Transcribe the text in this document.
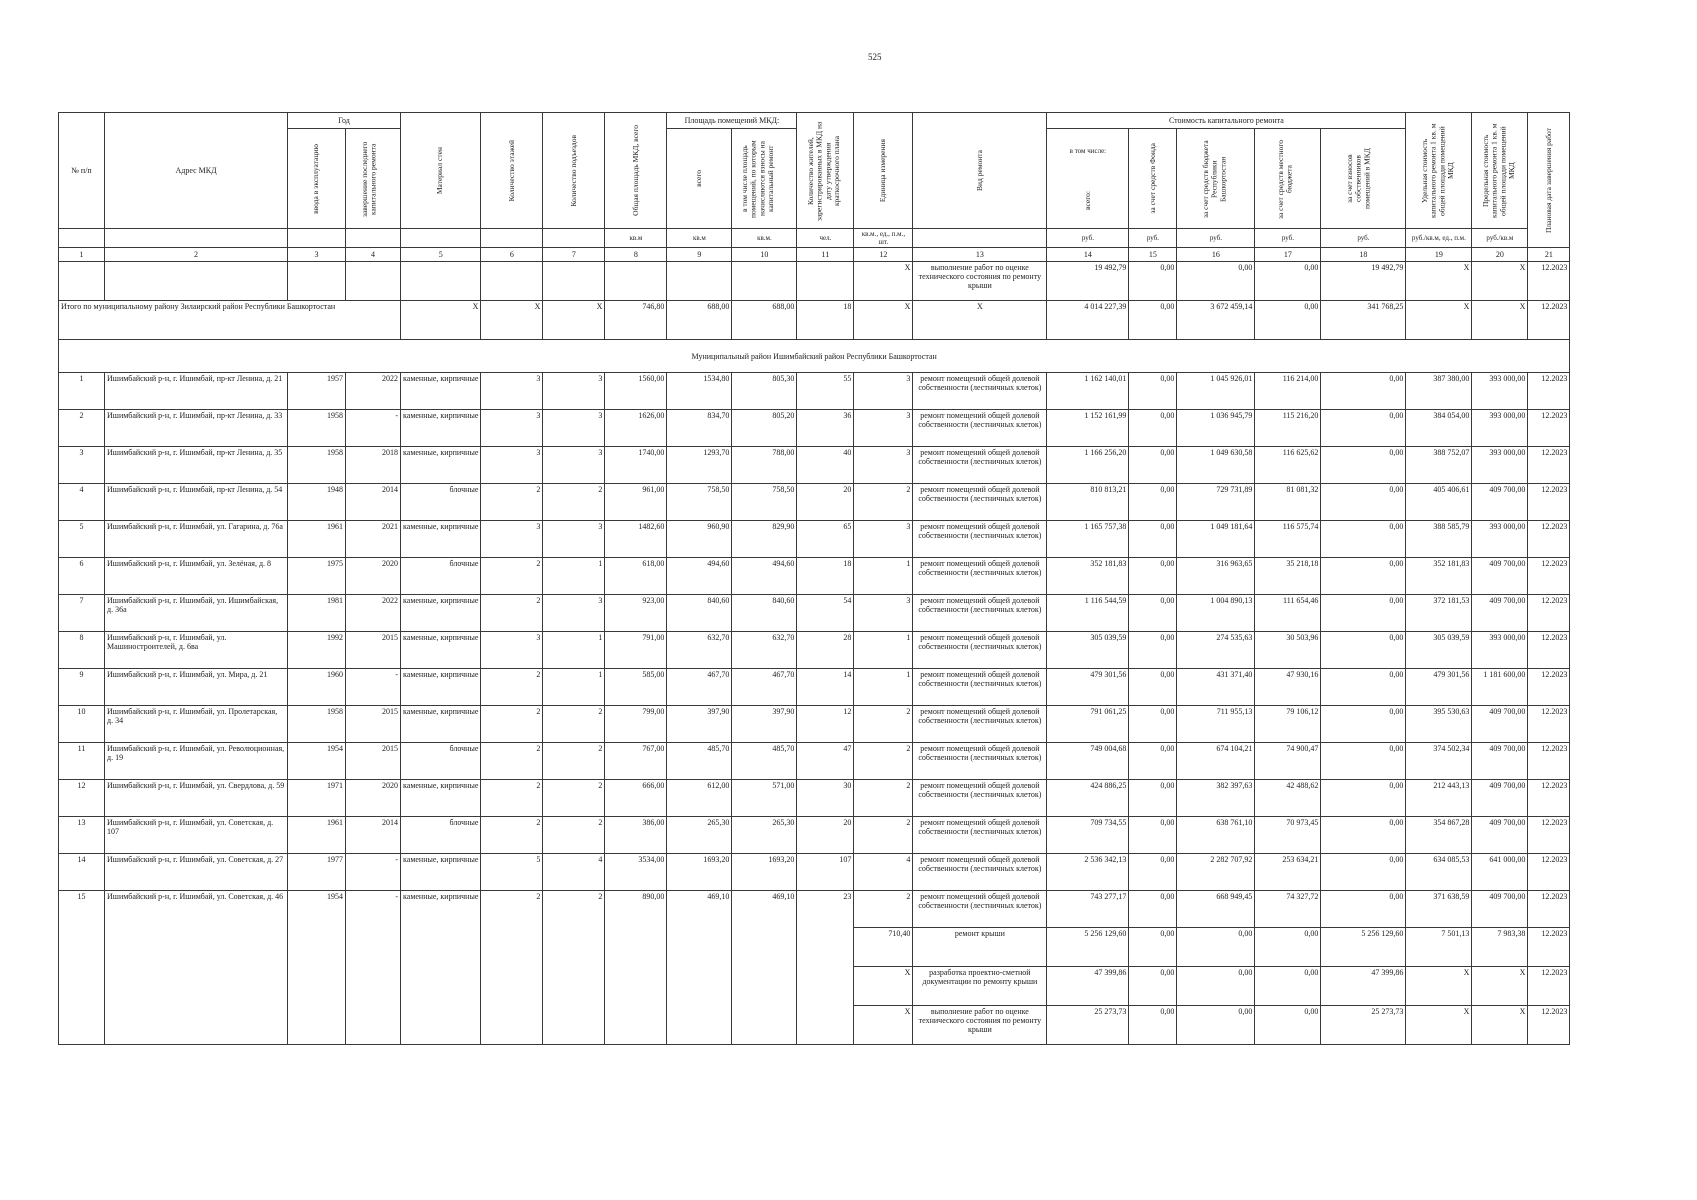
525
№ п/п	Адрес МКД	Год		Материал стен	Количество этажей	Количество подъездов	Общая площадь МКД, всего	Площадь помещений МКД:		Количество жителей, зарегистрированных в МКД на дату утверждения краткосрочного плана	Единица измерения	Вид ремонта	Стоимость капитального ремонта					Удельная стоимость капитального ремонта 1 кв. м общей площади помещений МКД	Предельная стоимость капитального ремонта 1 кв. м общей площади помещений МКД	Плановая дата завершения работ

		ввода в эксплуатацию	завершение последнего капитального ремонта					всего	в том числе площадь помещений, по которым начисляются взносы на капитальный ремонт				в том числе:
всего:	за счет средств Фонда	за счет средств бюджета Республики Башкортостан	за счет средств местного бюджета	за счет взносов собственников помещений в МКД			

							кв.м	кв.м	кв.м.	чел.	кв.м., ед., п.м., шт.		руб.	руб.	руб.	руб.	руб.	руб./кв.м, ед., п.м.	руб./кв.м	
1	2	3	4	5	6	7	8	9	10	11	12	13	14	15	16	17	18	19	20	21
											X	выполнение работ по оценке технического состояния по ремонту крыши	19 492,79	0,00	0,00	0,00	19 492,79	X	X	12.2023
Итого по муниципальному району Зилаирский район Республики Башкортостан				X	X	X	746,80	688,00	688,00	18	X	X	4 014 227,39	0,00	3 672 459,14	0,00	341 768,25	X	X	12.2023
Муниципальный район Ишимбайский район Республики Башкортостан																				
1	Ишимбайский р-н, г. Ишимбай, пр-кт Ленина, д. 21	1957	2022	каменные, кирпичные	3	3	1560,00	1534,80	805,30	55	3	ремонт помещений общей долевой собственности (лестничных клеток)	1 162 140,01	0,00	1 045 926,01	116 214,00	0,00	387 380,00	393 000,00	12.2023
2	Ишимбайский р-н, г. Ишимбай, пр-кт Ленина, д. 33	1958	-	каменные, кирпичные	3	3	1626,00	834,70	805,20	36	3	ремонт помещений общей долевой собственности (лестничных клеток)	1 152 161,99	0,00	1 036 945,79	115 216,20	0,00	384 054,00	393 000,00	12.2023
3	Ишимбайский р-н, г. Ишимбай, пр-кт Ленина, д. 35	1958	2018	каменные, кирпичные	3	3	1740,00	1293,70	788,00	40	3	ремонт помещений общей долевой собственности (лестничных клеток)	1 166 256,20	0,00	1 049 630,58	116 625,62	0,00	388 752,07	393 000,00	12.2023
4	Ишимбайский р-н, г. Ишимбай, пр-кт Ленина, д. 54	1948	2014	блочные	2	2	961,00	758,50	758,50	20	2	ремонт помещений общей долевой собственности (лестничных клеток)	810 813,21	0,00	729 731,89	81 081,32	0,00	405 406,61	409 700,00	12.2023
5	Ишимбайский р-н, г. Ишимбай, ул. Гагарина, д. 76а	1961	2021	каменные, кирпичные	3	3	1482,60	960,90	829,90	65	3	ремонт помещений общей долевой собственности (лестничных клеток)	1 165 757,38	0,00	1 049 181,64	116 575,74	0,00	388 585,79	393 000,00	12.2023
6	Ишимбайский р-н, г. Ишимбай, ул. Зелёная, д. 8	1975	2020	блочные	2	1	618,00	494,60	494,60	18	1	ремонт помещений общей долевой собственности (лестничных клеток)	352 181,83	0,00	316 963,65	35 218,18	0,00	352 181,83	409 700,00	12.2023
7	Ишимбайский р-н, г. Ишимбай, ул. Ишимбайская, д. 36а	1981	2022	каменные, кирпичные	2	3	923,00	840,60	840,60	54	3	ремонт помещений общей долевой собственности (лестничных клеток)	1 116 544,59	0,00	1 004 890,13	111 654,46	0,00	372 181,53	409 700,00	12.2023
8	Ишимбайский р-н, г. Ишимбай, ул. Машиностроителей, д. 6ва	1992	2015	каменные, кирпичные	3	1	791,00	632,70	632,70	28	1	ремонт помещений общей долевой собственности (лестничных клеток)	305 039,59	0,00	274 535,63	30 503,96	0,00	305 039,59	393 000,00	12.2023
9	Ишимбайский р-н, г. Ишимбай, ул. Мира, д. 21	1960	-	каменные, кирпичные	2	1	585,00	467,70	467,70	14	1	ремонт помещений общей долевой собственности (лестничных клеток)	479 301,56	0,00	431 371,40	47 930,16	0,00	479 301,56	1 181 600,00	12.2023
10	Ишимбайский р-н, г. Ишимбай, ул. Пролетарская, д. 34	1958	2015	каменные, кирпичные	2	2	799,00	397,90	397,90	12	2	ремонт помещений общей долевой собственности (лестничных клеток)	791 061,25	0,00	711 955,13	79 106,12	0,00	395 530,63	409 700,00	12.2023
11	Ишимбайский р-н, г. Ишимбай, ул. Революционная, д. 19	1954	2015	блочные	2	2	767,00	485,70	485,70	47	2	ремонт помещений общей долевой собственности (лестничных клеток)	749 004,68	0,00	674 104,21	74 900,47	0,00	374 502,34	409 700,00	12.2023
12	Ишимбайский р-н, г. Ишимбай, ул. Свердлова, д. 59	1971	2020	каменные, кирпичные	2	2	666,00	612,00	571,00	30	2	ремонт помещений общей долевой собственности (лестничных клеток)	424 886,25	0,00	382 397,63	42 488,62	0,00	212 443,13	409 700,00	12.2023
13	Ишимбайский р-н, г. Ишимбай, ул. Советская, д. 107	1961	2014	блочные	2	2	386,00	265,30	265,30	20	2	ремонт помещений общей долевой собственности (лестничных клеток)	709 734,55	0,00	638 761,10	70 973,45	0,00	354 867,28	409 700,00	12.2023
14	Ишимбайский р-н, г. Ишимбай, ул. Советская, д. 27	1977	-	каменные, кирпичные	5	4	3534,00	1693,20	1693,20	107	4	ремонт помещений общей долевой собственности (лестничных клеток)	2 536 342,13	0,00	2 282 707,92	253 634,21	0,00	634 085,53	641 000,00	12.2023
15	Ишимбайский р-н, г. Ишимбай, ул. Советская, д. 46	1954	-	каменные, кирпичные	2	2	890,00	469,10	469,10	23	2	ремонт помещений общей долевой собственности (лестничных клеток)	743 277,17	0,00	668 949,45	74 327,72	0,00	371 638,59	409 700,00	12.2023
											710,40	ремонт крыши	5 256 129,60	0,00	0,00	0,00	5 256 129,60	7 501,13	7 983,38	12.2023
											X	разработка проектно-сметной документации по ремонту крыши	47 399,86	0,00	0,00	0,00	47 399,86	X	X	12.2023
											X	выполнение работ по оценке технического состояния по ремонту крыши	25 273,73	0,00	0,00	0,00	25 273,73	X	X	12.2023
